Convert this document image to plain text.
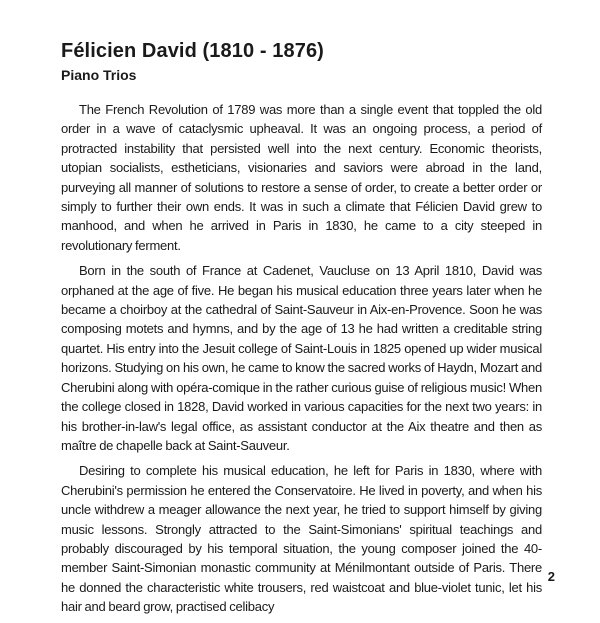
Félicien David (1810 - 1876)
Piano Trios

The French Revolution of 1789 was more than a single event that toppled the old order in a wave of cataclysmic upheaval. It was an ongoing process, a period of protracted instability that persisted well into the next century. Economic theorists, utopian socialists, estheticians, visionaries and saviors were abroad in the land, purveying all manner of solutions to restore a sense of order, to create a better order or simply to further their own ends. It was in such a climate that Félicien David grew to manhood, and when he arrived in Paris in 1830, he came to a city steeped in revolutionary ferment.

Born in the south of France at Cadenet, Vaucluse on 13 April 1810, David was orphaned at the age of five. He began his musical education three years later when he became a choirboy at the cathedral of Saint-Sauveur in Aix-en-Provence. Soon he was composing motets and hymns, and by the age of 13 he had written a creditable string quartet. His entry into the Jesuit college of Saint-Louis in 1825 opened up wider musical horizons. Studying on his own, he came to know the sacred works of Haydn, Mozart and Cherubini along with opéra-comique in the rather curious guise of religious music! When the college closed in 1828, David worked in various capacities for the next two years: in his brother-in-law's legal office, as assistant conductor at the Aix theatre and then as maître de chapelle back at Saint-Sauveur.

Desiring to complete his musical education, he left for Paris in 1830, where with Cherubini's permission he entered the Conservatoire. He lived in poverty, and when his uncle withdrew a meager allowance the next year, he tried to support himself by giving music lessons. Strongly attracted to the Saint-Simonians' spiritual teachings and probably discouraged by his temporal situation, the young composer joined the 40-member Saint-Simonian monastic community at Ménilmontant outside of Paris. There he donned the characteristic white trousers, red waistcoat and blue-violet tunic, let his hair and beard grow, practised celibacy

2
